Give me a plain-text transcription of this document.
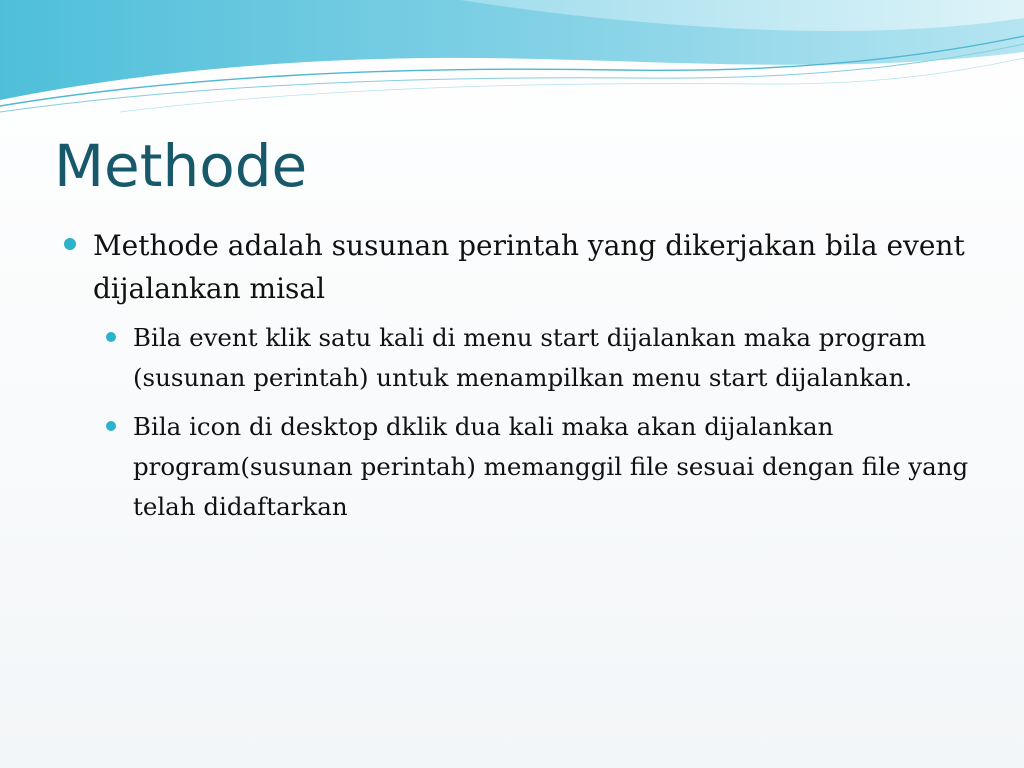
Methode
Methode adalah susunan perintah yang dikerjakan bila event dijalankan misal
Bila event klik satu kali di menu start dijalankan maka program (susunan perintah) untuk menampilkan menu start dijalankan.
Bila icon di desktop dklik dua kali maka akan dijalankan program(susunan perintah) memanggil file sesuai dengan file yang telah didaftarkan
